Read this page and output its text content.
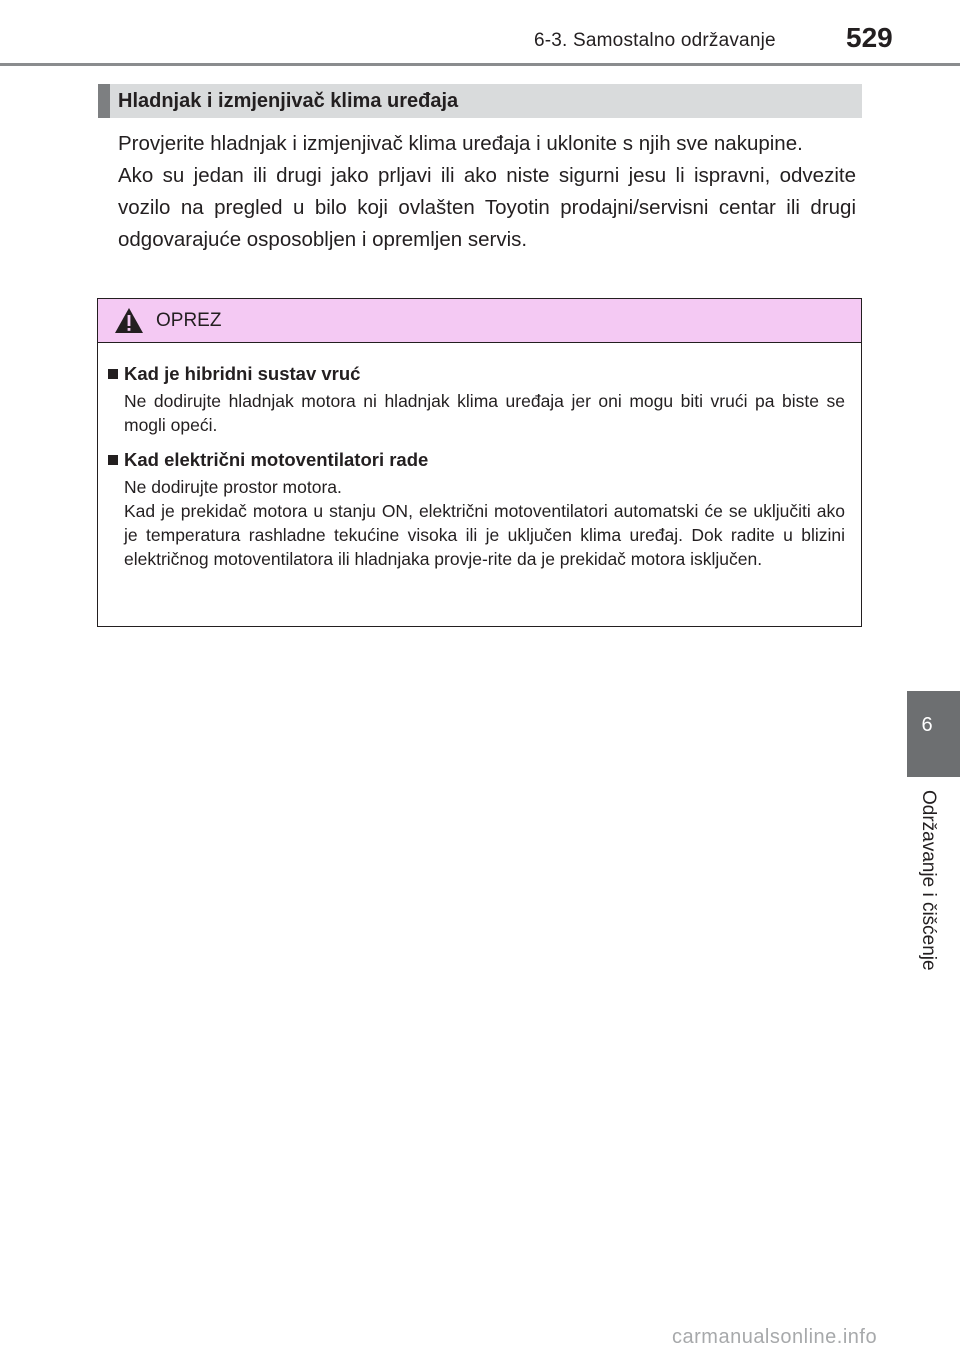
6-3. Samostalno održavanje	529
Hladnjak i izmjenjivač klima uređaja

Provjerite hladnjak i izmjenjivač klima uređaja i uklonite s njih sve nakupine.

Ako su jedan ili drugi jako prljavi ili ako niste sigurni jesu li ispravni, odvezite vozilo na pregled u bilo koji ovlašten Toyotin prodajni/servisni centar ili drugi odgovarajuće osposobljen i opremljen servis.

OPREZ
Kad je hibridni sustav vruć

Ne dodirujte hladnjak motora ni hladnjak klima uređaja jer oni mogu biti vrući pa biste se mogli opeći.

Kad električni motoventilatori rade

Ne dodirujte prostor motora.

Kad je prekidač motora u stanju ON, električni motoventilatori automatski će se uključiti ako je temperatura rashladne tekućine visoka ili je uključen klima uređaj. Dok radite u blizini električnog motoventilatora ili hladnjaka provje-rite da je prekidač motora isključen.

6
Održavanje i čišćenje
carmanualsonline.info
